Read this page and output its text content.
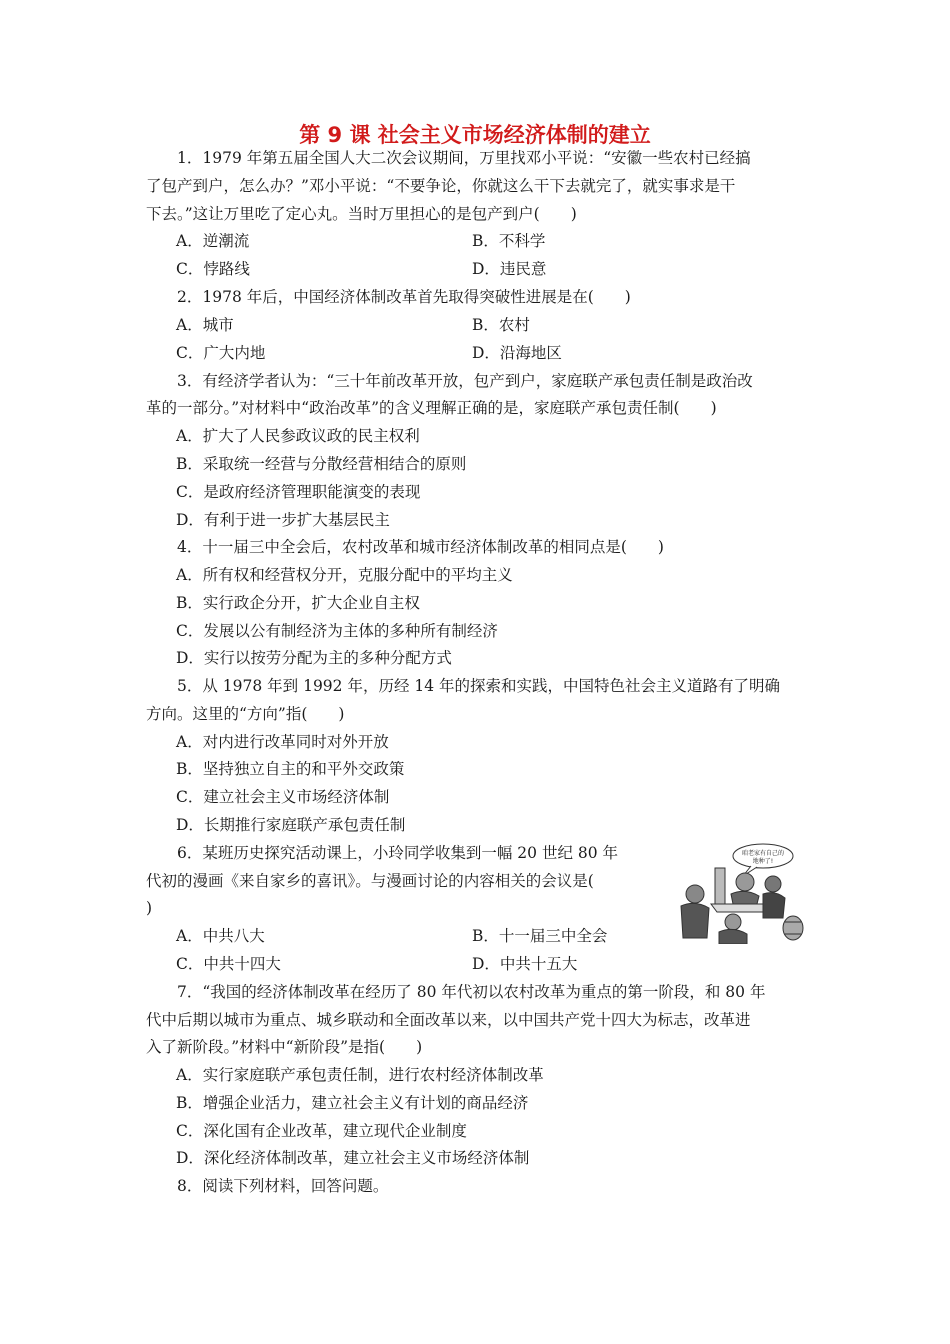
第 9 课 社会主义市场经济体制的建立
1．1979 年第五届全国人大二次会议期间，万里找邓小平说：“安徽一些农村已经搞
了包产到户，怎么办？”邓小平说：“不要争论，你就这么干下去就完了，就实事求是干
下去。”这让万里吃了定心丸。当时万里担心的是包产到户(　　)
A．逆潮流	B．不科学
C．悖路线	D．违民意
2．1978 年后，中国经济体制改革首先取得突破性进展是在(　　)
A．城市	B．农村
C．广大内地	D．沿海地区
3．有经济学者认为：“三十年前改革开放，包产到户，家庭联产承包责任制是政治改
革的一部分。”对材料中“政治改革”的含义理解正确的是，家庭联产承包责任制(　　)
A．扩大了人民参政议政的民主权利
B．采取统一经营与分散经营相结合的原则
C．是政府经济管理职能演变的表现
D．有利于进一步扩大基层民主
4．十一届三中全会后，农村改革和城市经济体制改革的相同点是(　　)
A．所有权和经营权分开，克服分配中的平均主义
B．实行政企分开，扩大企业自主权
C．发展以公有制经济为主体的多种所有制经济
D．实行以按劳分配为主的多种分配方式
5．从 1978 年到 1992 年，历经 14 年的探索和实践，中国特色社会主义道路有了明确
方向。这里的“方向”指(　　)
A．对内进行改革同时对外开放
B．坚持独立自主的和平外交政策
C．建立社会主义市场经济体制
D．长期推行家庭联产承包责任制
6．某班历史探究活动课上，小玲同学收集到一幅 20 世纪 80 年
代初的漫画《来自家乡的喜讯》。与漫画讨论的内容相关的会议是(
)
A．中共八大	B．十一届三中全会
C．中共十四大	D．中共十五大
咱老家有自己的
地种了!
7．“我国的经济体制改革在经历了 80 年代初以农村改革为重点的第一阶段，和 80 年
代中后期以城市为重点、城乡联动和全面改革以来，以中国共产党十四大为标志，改革进
入了新阶段。”材料中“新阶段”是指(　　)
A．实行家庭联产承包责任制，进行农村经济体制改革
B．增强企业活力，建立社会主义有计划的商品经济
C．深化国有企业改革，建立现代企业制度
D．深化经济体制改革，建立社会主义市场经济体制
8．阅读下列材料，回答问题。
